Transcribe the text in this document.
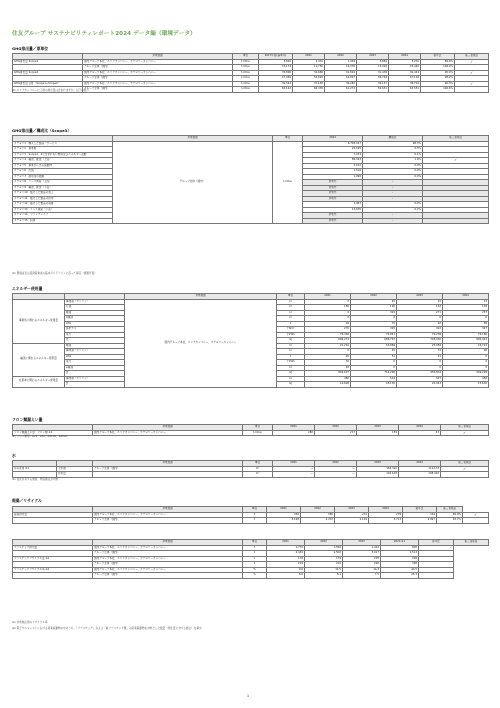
住友グループ サステナビリティレポート2024 データ編（環境データ）
GHG排出量／原単位
	対象範囲	単位	2017年度(基準年)	2021	2022	2023	2024	前年比	第三者保証
GHG排出量 Scope1	国内グループ本社、エリアカンパニー、カテゴリーカンパニー	t-CO₂e	3,640	2,470	1,458	3,689	3,270	89.6%	✓
	グループ全体（国内）	t-CO₂e	15,174	11,750	16,376	13,903	16,449	108.4%	
GHG排出量 Scope2	国内グループ本社、エリアカンパニー、カテゴリーカンパニー	t-CO₂e	35,896	34,680	32,824	31,438	32,444	90.4%	✓
	グループ全体（国内）	t-CO₂e	47,969	54,620	44,897	46,748	47,102	98.2%	
GHG排出量 合計（Scope1+Scope2）	国内グループ本社、エリアカンパニー、カテゴリーカンパニー	t-CO₂e	39,544	37,150	36,282	35,127	35,724	90.3%	✓
	グループ全体（国内）	t-CO₂e	63,142	66,330	61,274	59,651	63,551	100.6%	
※1 エリアカンパニーに工場の排出量は含まれますが、以下の通り
GHG排出量／構成比（Scope3）
	対象範囲	単位	2024	構成比	第三者保証
カテゴリ1　購入した製品・サービス	グループ全体（国内）	t-CO₂e	6,795,917	98.3%	
カテゴリ2　資本財			20,025	0.3%	
カテゴリ3　Scope1、2に含まれない燃料及びエネルギー活動			7,233	0.1%	
カテゴリ4　輸送、配送（上流）			86,343	1.0%	✓
カテゴリ5　事業から出る廃棄物			2,102	0.0%	
カテゴリ6　出張			1,516	0.0%	
カテゴリ7　雇用者の通勤			1,996	0.0%	
カテゴリ8　リース資産（上流）			対象外	-	
カテゴリ9　輸送、配送（下流）			対象外	-	
カテゴリ10　販売した製品の加工			対象外	-	
カテゴリ11　販売した製品の使用			対象外	-	
カテゴリ12　販売した製品の廃棄			1,463	0.0%	
カテゴリ13　リース資産（下流）			15,635	0.2%	
カテゴリ14　フランチャイズ			対象外	-	
カテゴリ15　投資			対象外	-	
※1 環境省及び経済産業省の基本ガイドラインに沿って算定（調査年度）
エネルギー使用量
		対象範囲	単位	2021	2022	2023	2024
事業所に関わるエネルギー使用量	揮発油（ガソリン）	国内グループ本社、エリアカンパニー、カテゴリーカンパニー	kl	0	45	15	13
	灯油		kl	160	126	133	139
	軽油		kl	0	324	271	257
	A重油		kl	0	0	0	0
	LPG		t	20	75	92	89
	都市ガス		千Nm³	270	325	322	347
	電力		千kWh	76,390	76,841	76,238	76,186
	計		GJ	696,274	683,767	793,430	800,322
輸送に関わるエネルギー使用量	軽油		kl	22,210	18,889	25,058	23,724
	揮発油（ガソリン）		kl	0	45	72	90
	LPG		t	20	51	21	0
	電力		千kWh	30	0	0	0
	A重油		kl	40	0	0	0
	計		GJ	846,697	716,290	955,834	909,298
社用車に関わるエネルギー使用量	揮発油（ガソリン）		kl	460	524	627	450
	計		GJ	16,606	18,130	20,943	15,630
フロン類漏えい量
	対象範囲	単位	2021	2022	2023	2024	第三者保証
フロン類漏えい量　フロン類 ※1	国内グループ本社、エリアカンパニー、カテゴリーカンパニー	t-CO₂e	280	217	159	47	✓
※1 フロン類別：R22、R32、R410A、R404A
水
		対象範囲	単位	2021	2022	2023	2024	第三者保証
水の使用 ※1	上水道	グループ全体（国内）	m³	—	—	164,322	112,173	✓
	井水量		m³	—	—	102,618	108,494	
※1 自社所有する施設、物流拠点が対象
廃棄／リサイクル
	対象範囲	単位	2021	2022	2023	2024	前年比	第三者保証	
産廃排出量	国内グループ本社、エリアカンパニー、カテゴリーカンパニー	t	492	385	231	278	344	69.9%	✓
	グループ全体（国内）	t	3,198	2,470	2,116	3,713	2,997	93.7%	
	対象範囲	単位	2021	2022	2023	2024 ※1	前年比	第三者保証
プラスチック排出量	国内グループ本社、エリアカンパニー、カテゴリーカンパニー	t	1,770	1,556	1,429	805	✓	
	グループ全体（国内）	t	2,430	2,500	3,017	1,513		
プラスチックリサイクル量 ※2	国内グループ本社、エリアカンパニー、カテゴリーカンパニー	t	170	179	205	326		
	グループ全体（国内）	t	210	201	226	398		
プラスチックリサイクル率 ※2	国内グループ本社、エリアカンパニー、カテゴリーカンパニー	%	9.6	11.5	14.3	40.5		
	グループ全体（国内）	%	8.6	8.1	7.5	26.3		
※1 対象拠点別のリサイクル率
※2 電子マニフェストにおける産業廃棄物の中のうち、「プラスチック」および「廃プラスチック類」の産業廃棄物を対象とした数量（発生量に対する割合）を算出
1
